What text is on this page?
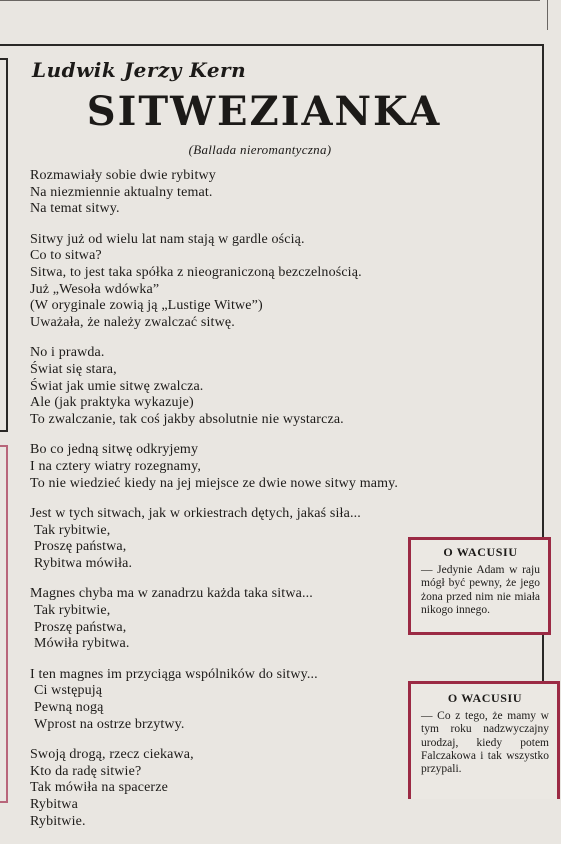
Ludwik Jerzy Kern
SITWEZIANKA
(Ballada nieromantyczna)
Rozmawiały sobie dwie rybitwy
Na niezmiennie aktualny temat.
Na temat sitwy.
Sitwy już od wielu lat nam stają w gardle ością.
Co to sitwa?
Sitwa, to jest taka spółka z nieograniczoną bezczelnością.
Już „Wesoła wdówka”
(W oryginale zowią ją „Lustige Witwe”)
Uważała, że należy zwalczać sitwę.
No i prawda.
Świat się stara,
Świat jak umie sitwę zwalcza.
Ale (jak praktyka wykazuje)
To zwalczanie, tak coś jakby absolutnie nie wystarcza.
Bo co jedną sitwę odkryjemy
I na cztery wiatry rozegnamy,
To nie wiedzieć kiedy na jej miejsce ze dwie nowe sitwy mamy.
Jest w tych sitwach, jak w orkiestrach dętych, jakaś siła...
Tak rybitwie,
Proszę państwa,
Rybitwa mówiła.
Magnes chyba ma w zanadrzu każda taka sitwa...
Tak rybitwie,
Proszę państwa,
Mówiła rybitwa.
I ten magnes im przyciąga wspólników do sitwy...
Ci wstępują
Pewną nogą
Wprost na ostrze brzytwy.
Swoją drogą, rzecz ciekawa,
Kto da radę sitwie?
Tak mówiła na spacerze
Rybitwa
Rybitwie.
O WACUSIU
— Jedynie Adam w raju mógł być pewny, że jego żona przed nim nie miała nikogo innego.
O WACUSIU
— Co z tego, że mamy w tym roku nadzwyczajny urodzaj, kiedy potem Falczakowa i tak wszystko przypali.
